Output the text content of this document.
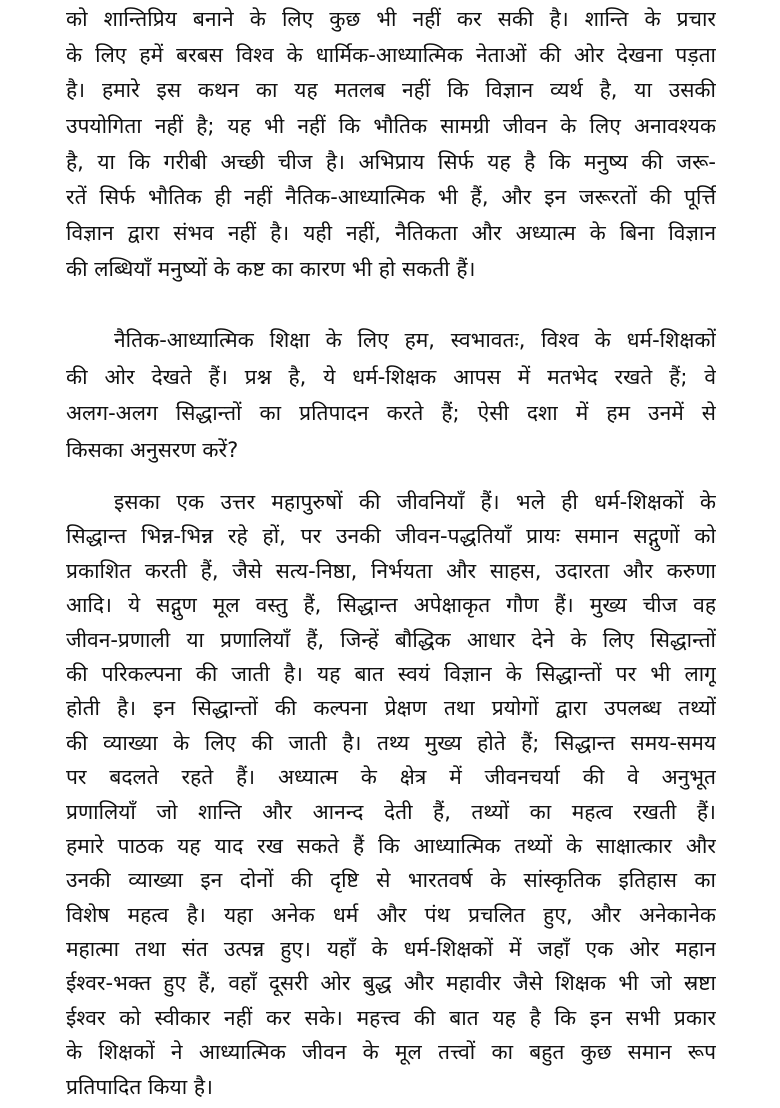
को शान्तिप्रिय बनाने के लिए कुछ भी नहीं कर सकी है। शान्ति के प्रचार
के लिए हमें बरबस विश्व के धार्मिक-आध्यात्मिक नेताओं की ओर देखना पड़ता
है। हमारे इस कथन का यह मतलब नहीं कि विज्ञान व्यर्थ है, या उसकी
उपयोगिता नहीं है; यह भी नहीं कि भौतिक सामग्री जीवन के लिए अनावश्यक
है, या कि गरीबी अच्छी चीज है। अभिप्राय सिर्फ यह है कि मनुष्य की जरू-
रतें सिर्फ भौतिक ही नहीं नैतिक-आध्यात्मिक भी हैं, और इन जरूरतों की पूर्त्ति
विज्ञान द्वारा संभव नहीं है। यही नहीं, नैतिकता और अध्यात्म के बिना विज्ञान
की लब्धियाँ मनुष्यों के कष्ट का कारण भी हो सकती हैं।
नैतिक-आध्यात्मिक शिक्षा के लिए हम, स्वभावतः, विश्व के धर्म-शिक्षकों
की ओर देखते हैं। प्रश्न है, ये धर्म-शिक्षक आपस में मतभेद रखते हैं; वे
अलग-अलग सिद्धान्तों का प्रतिपादन करते हैं; ऐसी दशा में हम उनमें से
किसका अनुसरण करें?
इसका एक उत्तर महापुरुषों की जीवनियाँ हैं। भले ही धर्म-शिक्षकों के
सिद्धान्त भिन्न-भिन्न रहे हों, पर उनकी जीवन-पद्धतियाँ प्रायः समान सद्गुणों को
प्रकाशित करती हैं, जैसे सत्य-निष्ठा, निर्भयता और साहस, उदारता और करुणा
आदि। ये सद्गुण मूल वस्तु हैं, सिद्धान्त अपेक्षाकृत गौण हैं। मुख्य चीज वह
जीवन-प्रणाली या प्रणालियाँ हैं, जिन्हें बौद्धिक आधार देने के लिए सिद्धान्तों
की परिकल्पना की जाती है। यह बात स्वयं विज्ञान के सिद्धान्तों पर भी लागू
होती है। इन सिद्धान्तों की कल्पना प्रेक्षण तथा प्रयोगों द्वारा उपलब्ध तथ्यों
की व्याख्या के लिए की जाती है। तथ्य मुख्य होते हैं; सिद्धान्त समय-समय
पर बदलते रहते हैं। अध्यात्म के क्षेत्र में जीवनचर्या की वे अनुभूत
प्रणालियाँ जो शान्ति और आनन्द देती हैं, तथ्यों का महत्व रखती हैं।
हमारे पाठक यह याद रख सकते हैं कि आध्यात्मिक तथ्यों के साक्षात्कार और
उनकी व्याख्या इन दोनों की दृष्टि से भारतवर्ष के सांस्कृतिक इतिहास का
विशेष महत्व है। यहा अनेक धर्म और पंथ प्रचलित हुए, और अनेकानेक
महात्मा तथा संत उत्पन्न हुए। यहाँ के धर्म-शिक्षकों में जहाँ एक ओर महान
ईश्वर-भक्त हुए हैं, वहाँ दूसरी ओर बुद्ध और महावीर जैसे शिक्षक भी जो स्रष्टा
ईश्वर को स्वीकार नहीं कर सके। महत्त्व की बात यह है कि इन सभी प्रकार
के शिक्षकों ने आध्यात्मिक जीवन के मूल तत्त्वों का बहुत कुछ समान रूप
प्रतिपादित किया है।
